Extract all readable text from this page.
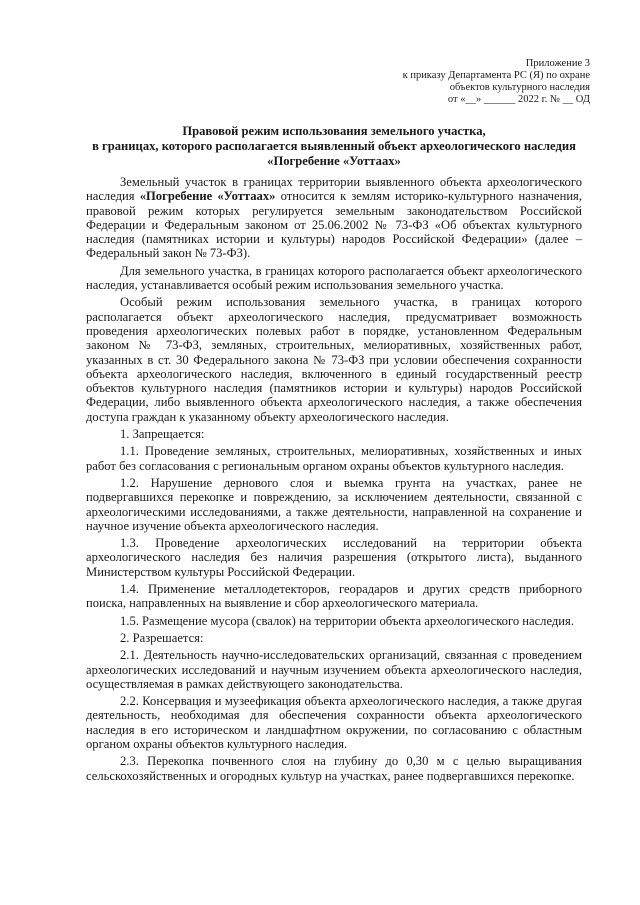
Приложение 3
к приказу Департамента РС (Я) по охране
объектов культурного наследия
от «__» ______ 2022 г. № __ ОД
Правовой режим использования земельного участка,
в границах, которого располагается выявленный объект археологического наследия
«Погребение «Уоттаах»

Земельный участок в границах территории выявленного объекта археологического наследия «Погребение «Уоттаах» относится к землям историко-культурного назначения, правовой режим которых регулируется земельным законодательством Российской Федерации и Федеральным законом от 25.06.2002 № 73-ФЗ «Об объектах культурного наследия (памятниках истории и культуры) народов Российской Федерации» (далее – Федеральный закон № 73-ФЗ).

Для земельного участка, в границах которого располагается объект археологического наследия, устанавливается особый режим использования земельного участка.

Особый режим использования земельного участка, в границах которого располагается объект археологического наследия, предусматривает возможность проведения археологических полевых работ в порядке, установленном Федеральным законом № 73-ФЗ, земляных, строительных, мелиоративных, хозяйственных работ, указанных в ст. 30 Федерального закона № 73-ФЗ при условии обеспечения сохранности объекта археологического наследия, включенного в единый государственный реестр объектов культурного наследия (памятников истории и культуры) народов Российской Федерации, либо выявленного объекта археологического наследия, а также обеспечения доступа граждан к указанному объекту археологического наследия.

1. Запрещается:

1.1. Проведение земляных, строительных, мелиоративных, хозяйственных и иных работ без согласования с региональным органом охраны объектов культурного наследия.

1.2. Нарушение дернового слоя и выемка грунта на участках, ранее не подвергавшихся перекопке и повреждению, за исключением деятельности, связанной с археологическими исследованиями, а также деятельности, направленной на сохранение и научное изучение объекта археологического наследия.

1.3. Проведение археологических исследований на территории объекта археологического наследия без наличия разрешения (открытого листа), выданного Министерством культуры Российской Федерации.

1.4. Применение металлодетекторов, георадаров и других средств приборного поиска, направленных на выявление и сбор археологического материала.

1.5. Размещение мусора (свалок) на территории объекта археологического наследия.

2. Разрешается:

2.1. Деятельность научно-исследовательских организаций, связанная с проведением археологических исследований и научным изучением объекта археологического наследия, осуществляемая в рамках действующего законодательства.

2.2. Консервация и музеефикация объекта археологического наследия, а также другая деятельность, необходимая для обеспечения сохранности объекта археологического наследия в его историческом и ландшафтном окружении, по согласованию с областным органом охраны объектов культурного наследия.

2.3. Перекопка почвенного слоя на глубину до 0,30 м с целью выращивания сельскохозяйственных и огородных культур на участках, ранее подвергавшихся перекопке.
